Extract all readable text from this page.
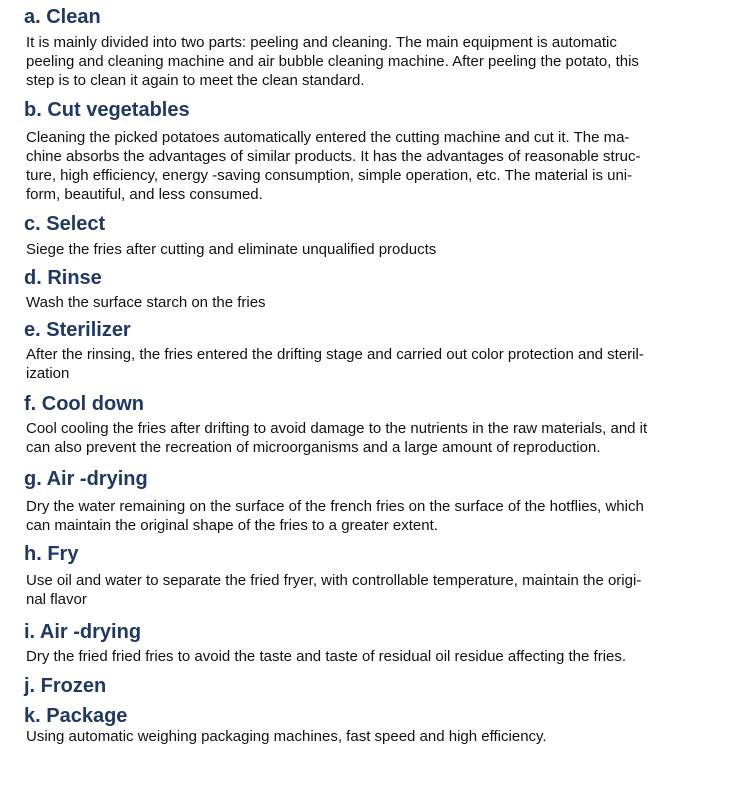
a. Clean

It is mainly divided into two parts: peeling and cleaning. The main equipment is automatic
peeling and cleaning machine and air bubble cleaning machine. After peeling the potato, this
step is to clean it again to meet the clean standard.

b. Cut vegetables

Cleaning the picked potatoes automatically entered the cutting machine and cut it. The ma-
chine absorbs the advantages of similar products. It has the advantages of reasonable struc-
ture, high efficiency, energy -saving consumption, simple operation, etc. The material is uni-
form, beautiful, and less consumed.

c. Select

Siege the fries after cutting and eliminate unqualified products

d. Rinse

Wash the surface starch on the fries

e. Sterilizer

After the rinsing, the fries entered the drifting stage and carried out color protection and steril-
ization

f. Cool down

Cool cooling the fries after drifting to avoid damage to the nutrients in the raw materials, and it
can also prevent the recreation of microorganisms and a large amount of reproduction.

g. Air -drying

Dry the water remaining on the surface of the french fries on the surface of the hotflies, which
can maintain the original shape of the fries to a greater extent.

h. Fry

Use oil and water to separate the fried fryer, with controllable temperature, maintain the origi-
nal flavor

i. Air -drying

Dry the fried fried fries to avoid the taste and taste of residual oil residue affecting the fries.

j. Frozen
k. Package

Using automatic weighing packaging machines, fast speed and high efficiency.
